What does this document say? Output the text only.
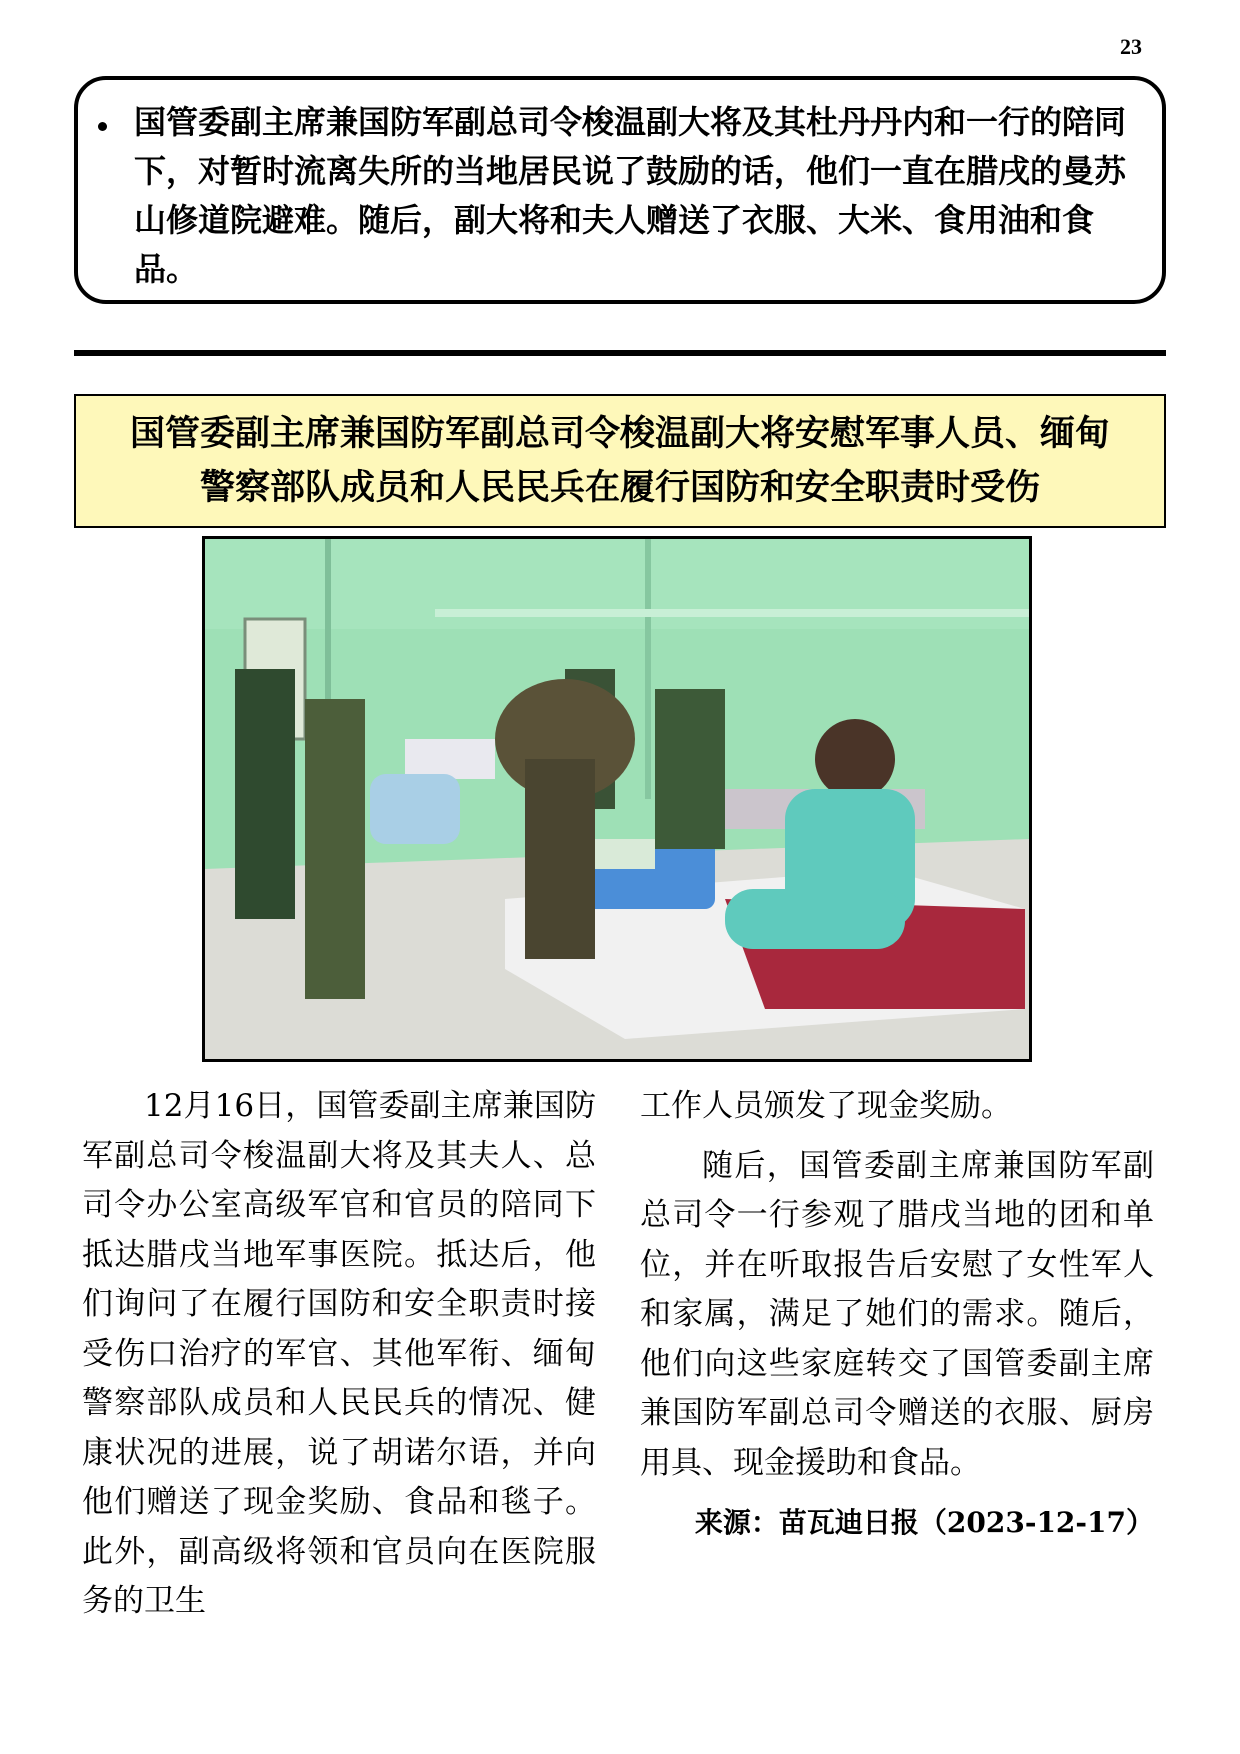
23

国管委副主席兼国防军副总司令梭温副大将及其杜丹丹内和一行的陪同下，对暂时流离失所的当地居民说了鼓励的话，他们一直在腊戌的曼苏山修道院避难。随后，副大将和夫人赠送了衣服、大米、食用油和食品。

国管委副主席兼国防军副总司令梭温副大将安慰军事人员、缅甸
警察部队成员和人民民兵在履行国防和安全职责时受伤

12月16日，国管委副主席兼国防军副总司令梭温副大将及其夫人、总司令办公室高级军官和官员的陪同下抵达腊戌当地军事医院。抵达后，他们询问了在履行国防和安全职责时接受伤口治疗的军官、其他军衔、缅甸警察部队成员和人民民兵的情况、健康状况的进展，说了胡诺尔语，并向他们赠送了现金奖励、食品和毯子。此外，副高级将领和官员向在医院服务的卫生

工作人员颁发了现金奖励。

随后，国管委副主席兼国防军副总司令一行参观了腊戌当地的团和单位，并在听取报告后安慰了女性军人和家属，满足了她们的需求。随后，他们向这些家庭转交了国管委副主席兼国防军副总司令赠送的衣服、厨房用具、现金援助和食品。

来源：苗瓦迪日报（2023-12-17）
